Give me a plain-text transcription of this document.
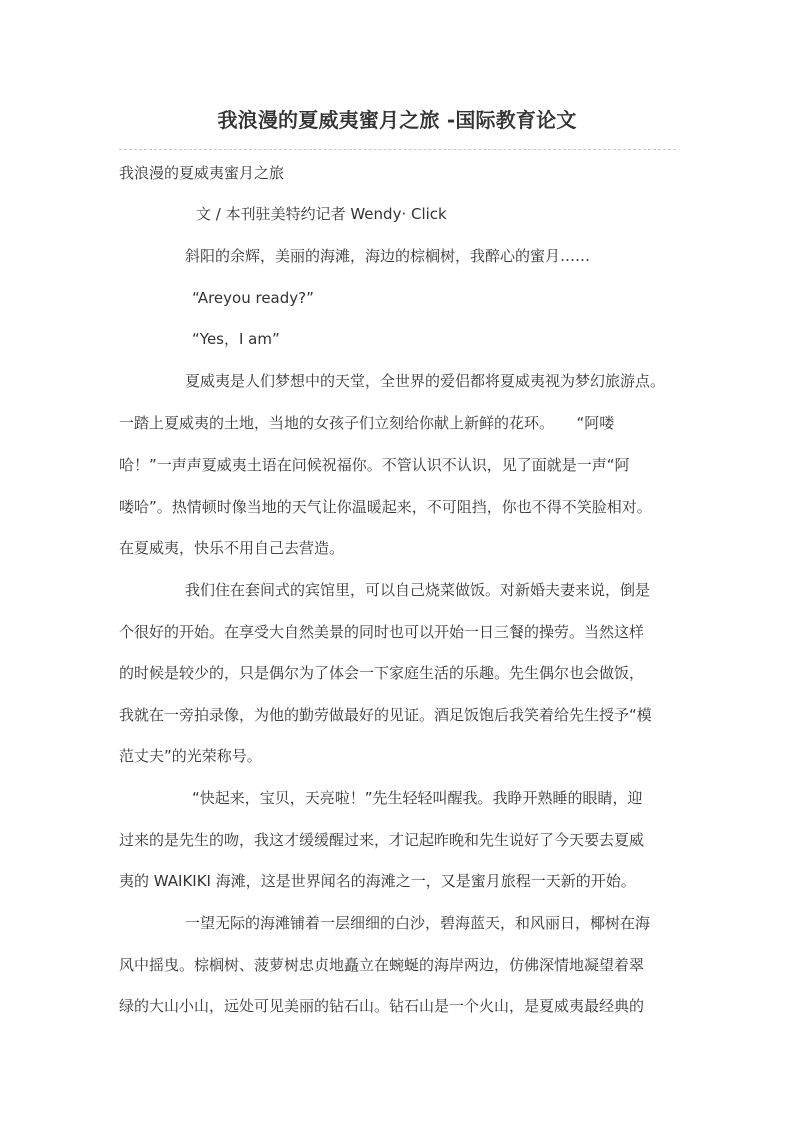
我浪漫的夏威夷蜜月之旅 -国际教育论文
我浪漫的夏威夷蜜月之旅
文 / 本刊驻美特约记者 Wendy· Click
斜阳的余辉，美丽的海滩，海边的棕榈树，我醉心的蜜月……
“Areyou ready?”
“Yes，I am”
夏威夷是人们梦想中的天堂，全世界的爱侣都将夏威夷视为梦幻旅游点。
一踏上夏威夷的土地，当地的女孩子们立刻给你献上新鲜的花环。　　“阿喽
哈！”一声声夏威夷土语在问候祝福你。不管认识不认识，见了面就是一声“阿
喽哈”。热情顿时像当地的天气让你温暖起来，不可阻挡，你也不得不笑脸相对。
在夏威夷，快乐不用自己去营造。
我们住在套间式的宾馆里，可以自己烧菜做饭。对新婚夫妻来说，倒是
个很好的开始。在享受大自然美景的同时也可以开始一日三餐的操劳。当然这样
的时候是较少的，只是偶尔为了体会一下家庭生活的乐趣。先生偶尔也会做饭，
我就在一旁拍录像，为他的勤劳做最好的见证。酒足饭饱后我笑着给先生授予“模
范丈夫”的光荣称号。
“快起来，宝贝，天亮啦！”先生轻轻叫醒我。我睁开熟睡的眼睛，迎
过来的是先生的吻，我这才缓缓醒过来，才记起昨晚和先生说好了今天要去夏威
夷的 WAIKIKI 海滩，这是世界闻名的海滩之一，又是蜜月旅程一天新的开始。
一望无际的海滩铺着一层细细的白沙，碧海蓝天，和风丽日，椰树在海
风中摇曳。棕榈树、菠萝树忠贞地矗立在蜿蜒的海岸两边，仿佛深情地凝望着翠
绿的大山小山，远处可见美丽的钻石山。钻石山是一个火山，是夏威夷最经典的
